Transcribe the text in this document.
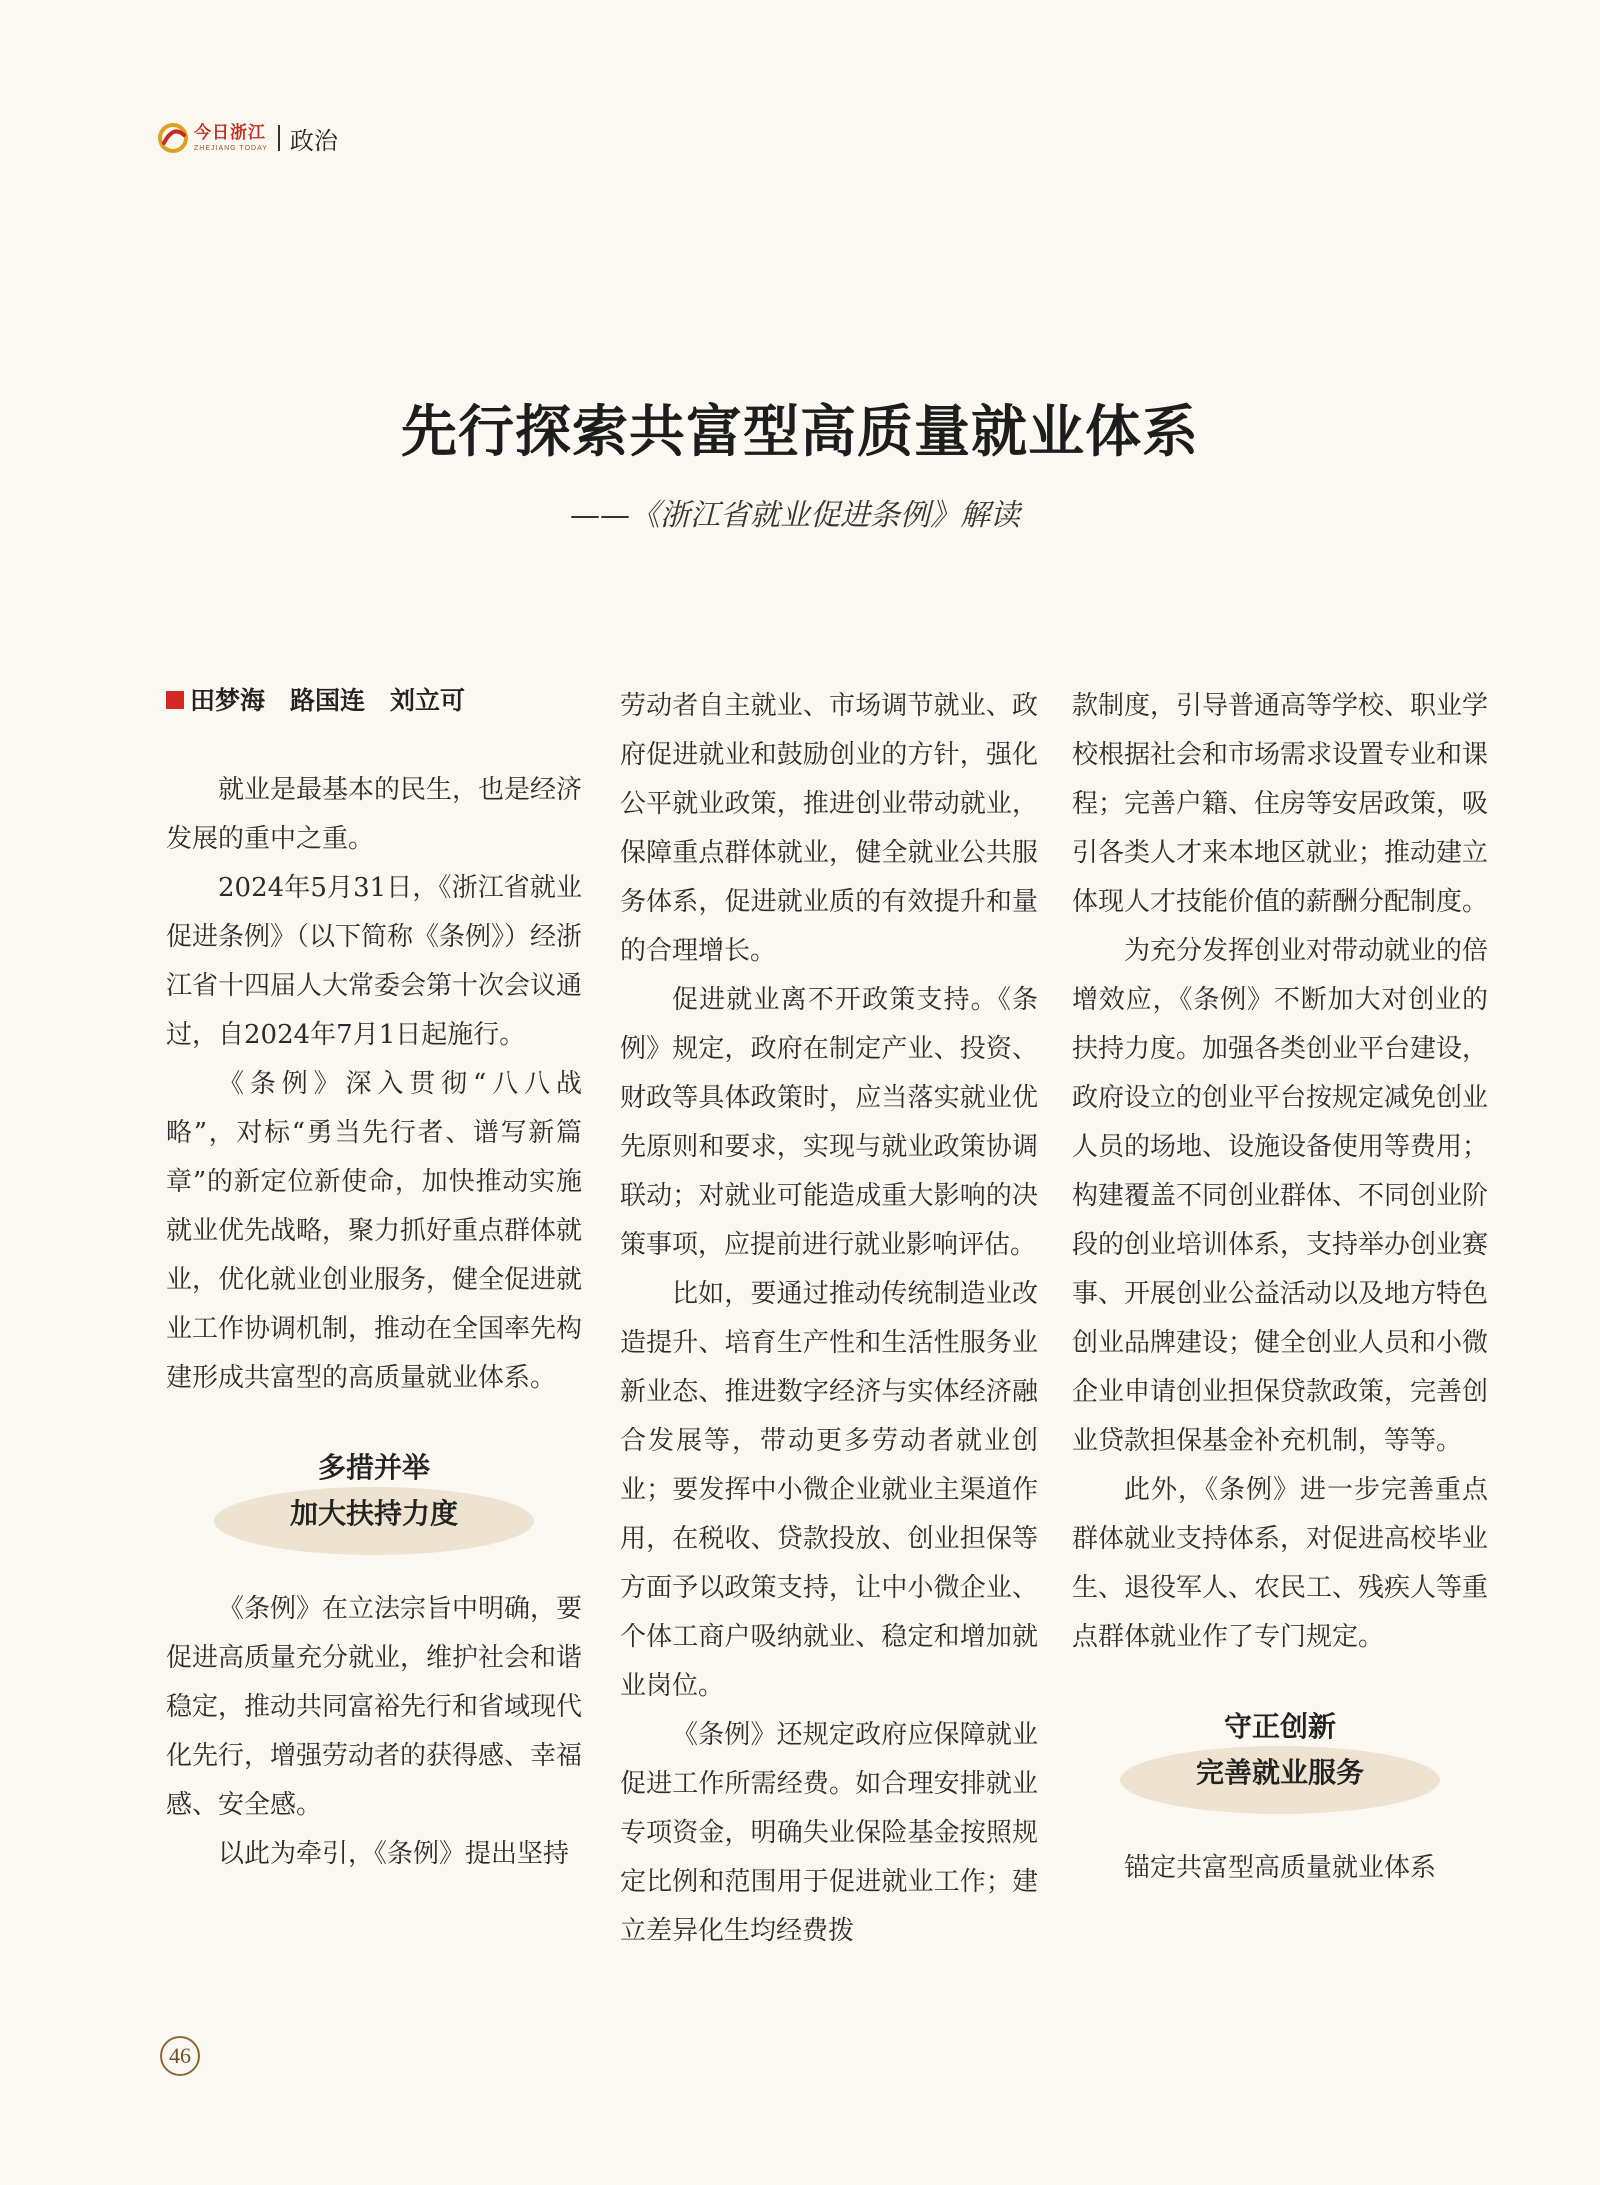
今日浙江
ZHEJIANG TODAY 政治
先行探索共富型高质量就业体系
——《浙江省就业促进条例》解读
田梦海　路国连　刘立可

就业是最基本的民生，也是经济发展的重中之重。

2024年5月31日，《浙江省就业促进条例》（以下简称《条例》）经浙江省十四届人大常委会第十次会议通过，自2024年7月1日起施行。

《条例》深入贯彻“八八战略”，对标“勇当先行者、谱写新篇章”的新定位新使命，加快推动实施就业优先战略，聚力抓好重点群体就业，优化就业创业服务，健全促进就业工作协调机制，推动在全国率先构建形成共富型的高质量就业体系。

多措并举
加大扶持力度

《条例》在立法宗旨中明确，要促进高质量充分就业，维护社会和谐稳定，推动共同富裕先行和省域现代化先行，增强劳动者的获得感、幸福感、安全感。

以此为牵引，《条例》提出坚持

劳动者自主就业、市场调节就业、政府促进就业和鼓励创业的方针，强化公平就业政策，推进创业带动就业，保障重点群体就业，健全就业公共服务体系，促进就业质的有效提升和量的合理增长。

促进就业离不开政策支持。《条例》规定，政府在制定产业、投资、财政等具体政策时，应当落实就业优先原则和要求，实现与就业政策协调联动；对就业可能造成重大影响的决策事项，应提前进行就业影响评估。

比如，要通过推动传统制造业改造提升、培育生产性和生活性服务业新业态、推进数字经济与实体经济融合发展等，带动更多劳动者就业创业；要发挥中小微企业就业主渠道作用，在税收、贷款投放、创业担保等方面予以政策支持，让中小微企业、个体工商户吸纳就业、稳定和增加就业岗位。

《条例》还规定政府应保障就业促进工作所需经费。如合理安排就业专项资金，明确失业保险基金按照规定比例和范围用于促进就业工作；建立差异化生均经费拨

款制度，引导普通高等学校、职业学校根据社会和市场需求设置专业和课程；完善户籍、住房等安居政策，吸引各类人才来本地区就业；推动建立体现人才技能价值的薪酬分配制度。

为充分发挥创业对带动就业的倍增效应，《条例》不断加大对创业的扶持力度。加强各类创业平台建设，政府设立的创业平台按规定减免创业人员的场地、设施设备使用等费用；构建覆盖不同创业群体、不同创业阶段的创业培训体系，支持举办创业赛事、开展创业公益活动以及地方特色创业品牌建设；健全创业人员和小微企业申请创业担保贷款政策，完善创业贷款担保基金补充机制，等等。

此外，《条例》进一步完善重点群体就业支持体系，对促进高校毕业生、退役军人、农民工、残疾人等重点群体就业作了专门规定。

守正创新
完善就业服务

锚定共富型高质量就业体系

46
